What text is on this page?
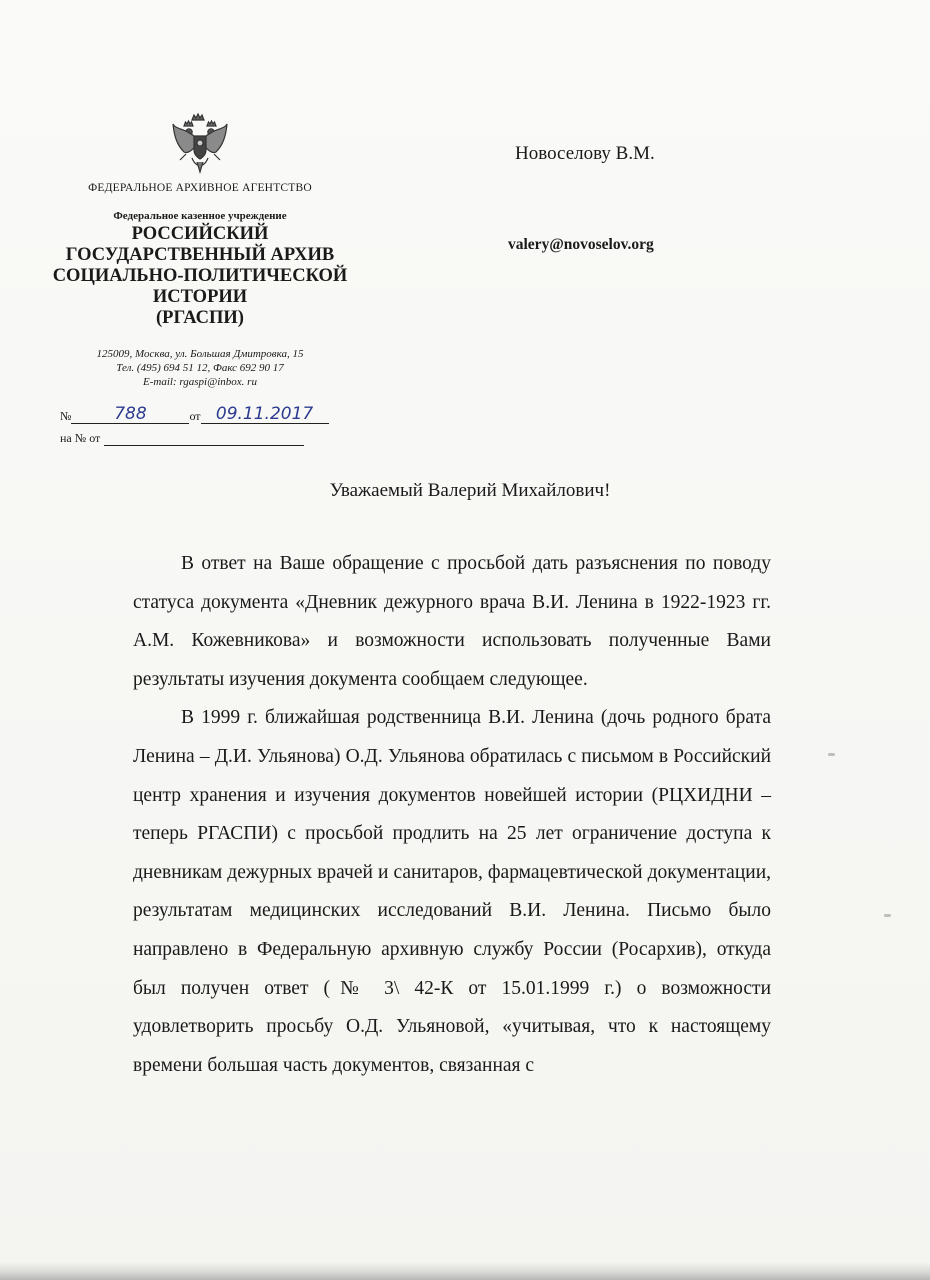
ФЕДЕРАЛЬНОЕ АРХИВНОЕ АГЕНТСТВО
Федеральное казенное учреждение
РОССИЙСКИЙ
ГОСУДАРСТВЕННЫЙ АРХИВ
СОЦИАЛЬНО-ПОЛИТИЧЕСКОЙ
ИСТОРИИ
(РГАСПИ)
125009, Москва, ул. Большая Дмитровка, 15
Тел. (495) 694 51 12, Факс 692 90 17
E-mail: rgaspi@inbox. ru
№	788	от 09.11.2017
на № от
Новоселову В.М.
valery@novoselov.org
Уважаемый Валерий Михайлович!

В ответ на Ваше обращение с просьбой дать разъяснения по поводу статуса документа «Дневник дежурного врача В.И. Ленина в 1922-1923 гг. А.М. Кожевникова» и возможности использовать полученные Вами результаты изучения документа сообщаем следующее.

В 1999 г. ближайшая родственница В.И. Ленина (дочь родного брата Ленина – Д.И. Ульянова) О.Д. Ульянова обратилась с письмом в Российский центр хранения и изучения документов новейшей истории (РЦХИДНИ – теперь РГАСПИ) с просьбой продлить на 25 лет ограничение доступа к дневникам дежурных врачей и санитаров, фармацевтической документации, результатам медицинских исследований В.И. Ленина. Письмо было направлено в Федеральную архивную службу России (Росархив), откуда был получен ответ (№ 3\ 42-К от 15.01.1999 г.) о возможности удовлетворить просьбу О.Д. Ульяновой, «учитывая, что к настоящему времени большая часть документов, связанная с
